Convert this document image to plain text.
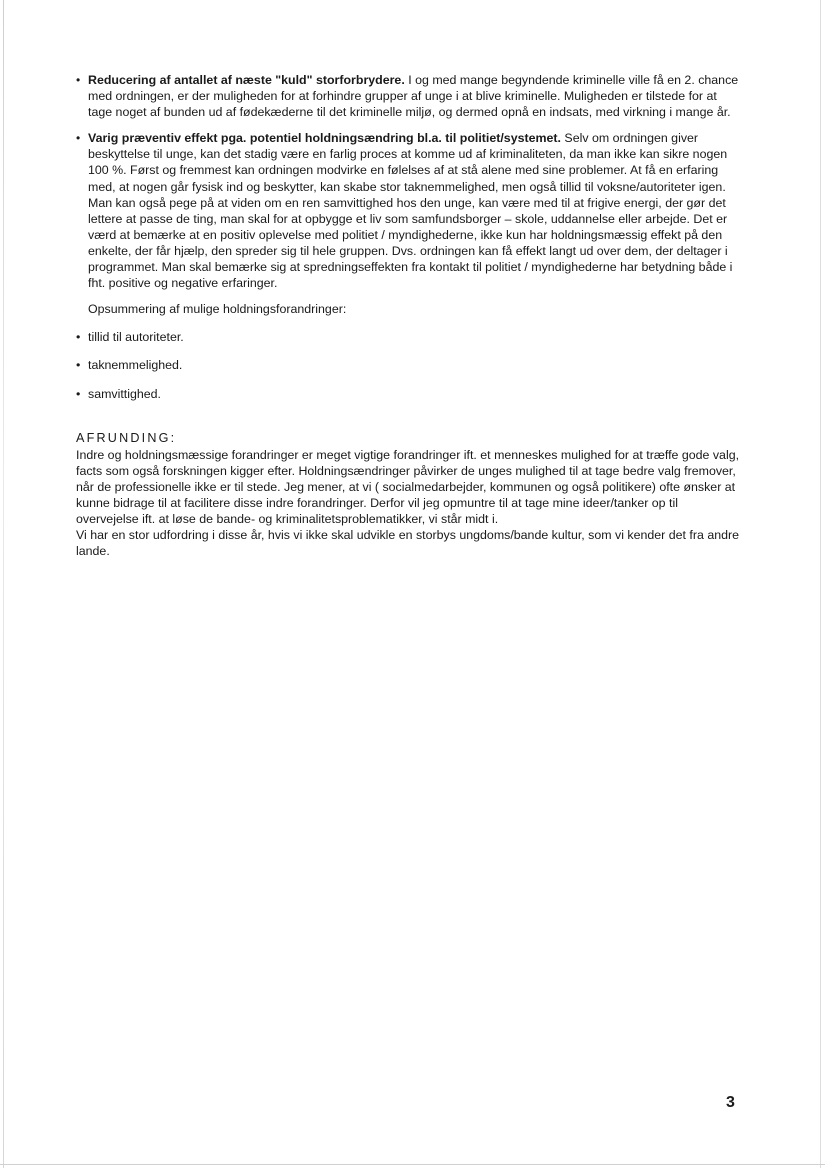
• Reducering af antallet af næste "kuld" storforbrydere. I og med mange begyndende kriminelle ville få en 2. chance med ordningen, er der muligheden for at forhindre grupper af unge i at blive kriminelle. Muligheden er tilstede for at tage noget af bunden ud af fødekæderne til det kriminelle miljø, og dermed opnå en indsats, med virkning i mange år.
• Varig præventiv effekt pga. potentiel holdningsændring bl.a. til politiet/systemet. Selv om ordningen giver beskyttelse til unge, kan det stadig være en farlig proces at komme ud af kriminaliteten, da man ikke kan sikre nogen 100 %. Først og fremmest kan ordningen modvirke en følelses af at stå alene med sine problemer. At få en erfaring med, at nogen går fysisk ind og beskytter, kan skabe stor taknemmelighed, men også tillid til voksne/autoriteter igen. Man kan også pege på at viden om en ren samvittighed hos den unge, kan være med til at frigive energi, der gør det lettere at passe de ting, man skal for at opbygge et liv som samfundsborger – skole, uddannelse eller arbejde. Det er værd at bemærke at en positiv oplevelse med politiet / myndighederne, ikke kun har holdningsmæssig effekt på den enkelte, der får hjælp, den spreder sig til hele gruppen. Dvs. ordningen kan få effekt langt ud over dem, der deltager i programmet. Man skal bemærke sig at spredningseffekten fra kontakt til politiet / myndighederne har betydning både i fht. positive og negative erfaringer.
Opsummering af mulige holdningsforandringer:
• tillid til autoriteter.
• taknemmelighed.
• samvittighed.
AFRUNDING:

Indre og holdningsmæssige forandringer er meget vigtige forandringer ift. et menneskes mulighed for at træffe gode valg, facts som også forskningen kigger efter. Holdningsændringer påvirker de unges mulighed til at tage bedre valg fremover, når de professionelle ikke er til stede. Jeg mener, at vi ( socialmedarbejder, kommunen og også politikere) ofte ønsker at kunne bidrage til at facilitere disse indre forandringer. Derfor vil jeg opmuntre til at tage mine ideer/tanker op til overvejelse ift. at løse de bande- og kriminalitetsproblematikker, vi står midt i.

Vi har en stor udfordring i disse år, hvis vi ikke skal udvikle en storbys ungdoms/bande kultur, som vi kender det fra andre lande.

3
